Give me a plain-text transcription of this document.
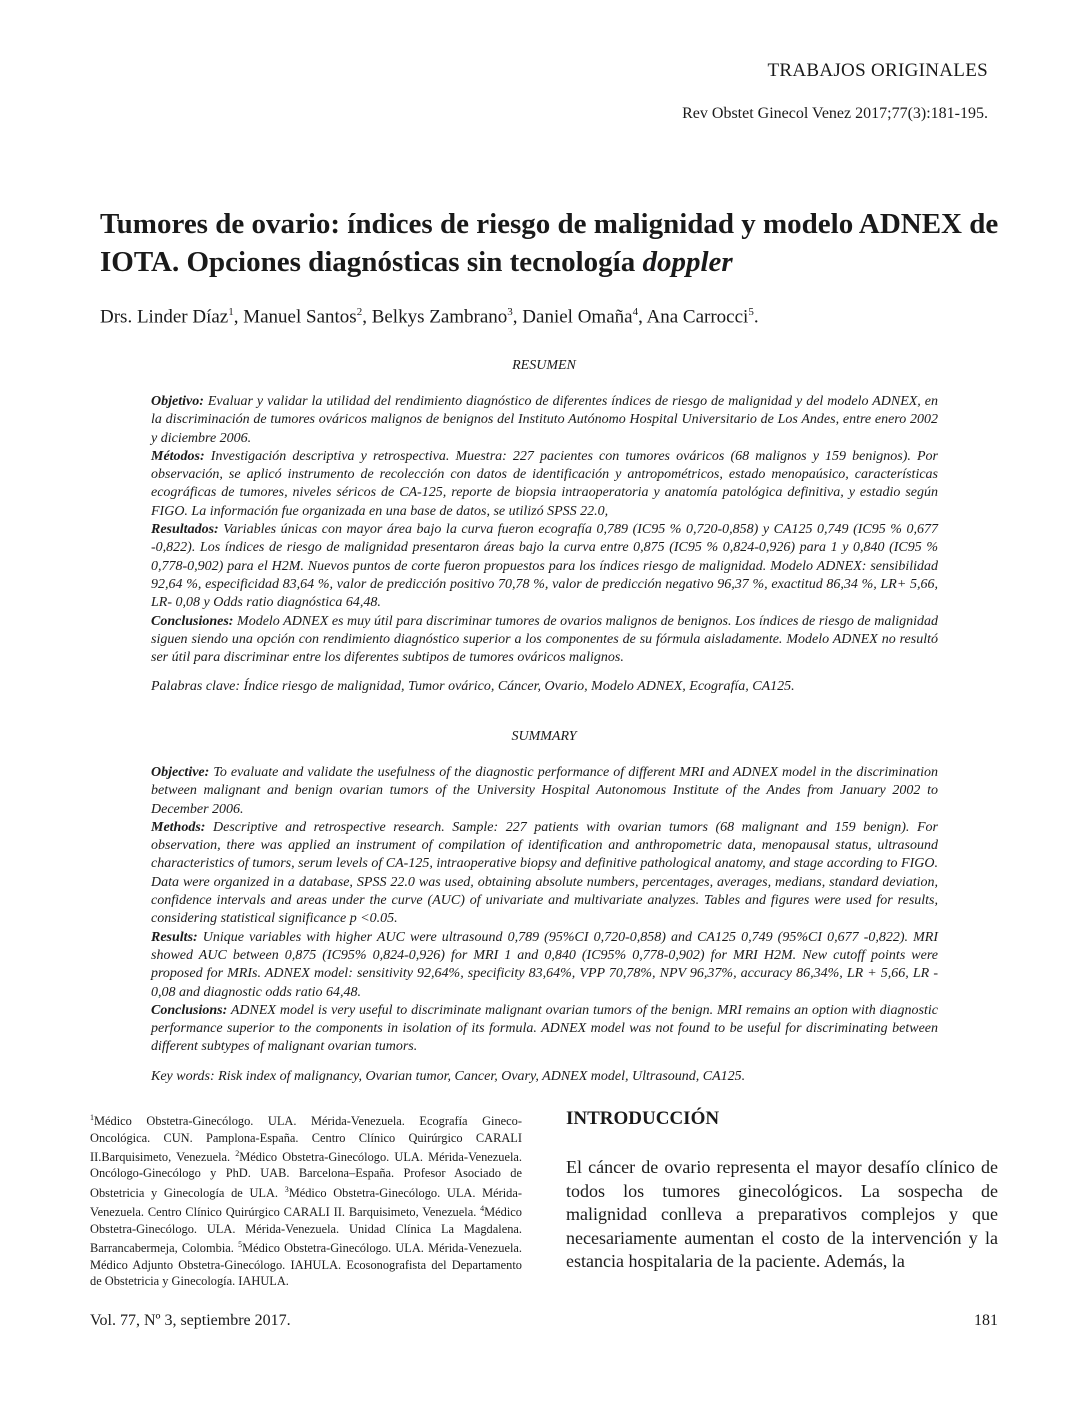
TRABAJOS ORIGINALES
Rev Obstet Ginecol Venez 2017;77(3):181-195.
Tumores de ovario: índices de riesgo de malignidad y modelo ADNEX de IOTA. Opciones diagnósticas sin tecnología doppler
Drs. Linder Díaz$^1$, Manuel Santos$^2$, Belkys Zambrano$^3$, Daniel Omaña$^4$, Ana Carrocci$^5$.
RESUMEN

Objetivo: Evaluar y validar la utilidad del rendimiento diagnóstico de diferentes índices de riesgo de malignidad y del modelo ADNEX, en la discriminación de tumores ováricos malignos de benignos del Instituto Autónomo Hospital Universitario de Los Andes, entre enero 2002 y diciembre 2006.

Métodos: Investigación descriptiva y retrospectiva. Muestra: 227 pacientes con tumores ováricos (68 malignos y 159 benignos). Por observación, se aplicó instrumento de recolección con datos de identificación y antropométricos, estado menopaúsico, características ecográficas de tumores, niveles séricos de CA-125, reporte de biopsia intraoperatoria y anatomía patológica definitiva, y estadio según FIGO. La información fue organizada en una base de datos, se utilizó SPSS 22.0,

Resultados: Variables únicas con mayor área bajo la curva fueron ecografía 0,789 (IC95 % 0,720-0,858) y CA125 0,749 (IC95 % 0,677 -0,822). Los índices de riesgo de malignidad presentaron áreas bajo la curva entre 0,875 (IC95 % 0,824-0,926) para 1 y 0,840 (IC95 % 0,778-0,902) para el H2M. Nuevos puntos de corte fueron propuestos para los índices riesgo de malignidad. Modelo ADNEX: sensibilidad 92,64 %, especificidad 83,64 %, valor de predicción positivo 70,78 %, valor de predicción negativo 96,37 %, exactitud 86,34 %, LR+ 5,66, LR- 0,08 y Odds ratio diagnóstica 64,48.

Conclusiones: Modelo ADNEX es muy útil para discriminar tumores de ovarios malignos de benignos. Los índices de riesgo de malignidad siguen siendo una opción con rendimiento diagnóstico superior a los componentes de su fórmula aisladamente. Modelo ADNEX no resultó ser útil para discriminar entre los diferentes subtipos de tumores ováricos malignos.

Palabras clave: Índice riesgo de malignidad, Tumor ovárico, Cáncer, Ovario, Modelo ADNEX, Ecografía, CA125.
SUMMARY

Objective: To evaluate and validate the usefulness of the diagnostic performance of different MRI and ADNEX model in the discrimination between malignant and benign ovarian tumors of the University Hospital Autonomous Institute of the Andes from January 2002 to December 2006.

Methods: Descriptive and retrospective research. Sample: 227 patients with ovarian tumors (68 malignant and 159 benign). For observation, there was applied an instrument of compilation of identification and anthropometric data, menopausal status, ultrasound characteristics of tumors, serum levels of CA-125, intraoperative biopsy and definitive pathological anatomy, and stage according to FIGO. Data were organized in a database, SPSS 22.0 was used, obtaining absolute numbers, percentages, averages, medians, standard deviation, confidence intervals and areas under the curve (AUC) of univariate and multivariate analyzes. Tables and figures were used for results, considering statistical significance p <0.05.

Results: Unique variables with higher AUC were ultrasound 0,789 (95%CI 0,720-0,858) and CA125 0,749 (95%CI 0,677 -0,822). MRI showed AUC between 0,875 (IC95% 0,824-0,926) for MRI 1 and 0,840 (IC95% 0,778-0,902) for MRI H2M. New cutoff points were proposed for MRIs. ADNEX model: sensitivity 92,64%, specificity 83,64%, VPP 70,78%, NPV 96,37%, accuracy 86,34%, LR + 5,66, LR - 0,08 and diagnostic odds ratio 64,48.

Conclusions: ADNEX model is very useful to discriminate malignant ovarian tumors of the benign. MRI remains an option with diagnostic performance superior to the components in isolation of its formula. ADNEX model was not found to be useful for discriminating between different subtypes of malignant ovarian tumors.

Key words: Risk index of malignancy, Ovarian tumor, Cancer, Ovary, ADNEX model, Ultrasound, CA125.
$^1$Médico Obstetra-Ginecólogo. ULA. Mérida-Venezuela. Ecografía Gineco-Oncológica. CUN. Pamplona-España. Centro Clínico Quirúrgico CARALI II.Barquisimeto, Venezuela. $^2$Médico Obstetra-Ginecólogo. ULA. Mérida-Venezuela. Oncólogo-Ginecólogo y PhD. UAB. Barcelona–España. Profesor Asociado de Obstetricia y Ginecología de ULA. $^3$Médico Obstetra-Ginecólogo. ULA. Mérida-Venezuela. Centro Clínico Quirúrgico CARALI II. Barquisimeto, Venezuela. $^4$Médico Obstetra-Ginecólogo. ULA. Mérida-Venezuela. Unidad Clínica La Magdalena. Barrancabermeja, Colombia. $^5$Médico Obstetra-Ginecólogo. ULA. Mérida-Venezuela. Médico Adjunto Obstetra-Ginecólogo. IAHULA. Ecosonografista del Departamento de Obstetricia y Ginecología. IAHULA.
INTRODUCCIÓN

El cáncer de ovario representa el mayor desafío clínico de todos los tumores ginecológicos. La sospecha de malignidad conlleva a preparativos complejos y que necesariamente aumentan el costo de la intervención y la estancia hospitalaria de la paciente. Además, la

Vol. 77, Nº 3, septiembre 2017.	181
